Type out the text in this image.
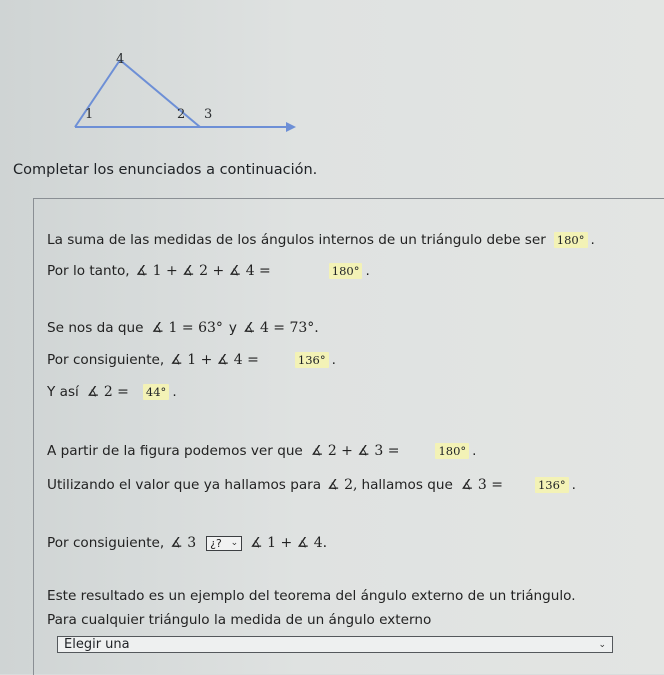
4
1	2 3
Completar los enunciados a continuación.
La suma de las medidas de los ángulos internos de un triángulo debe ser 180° .
Por lo tanto, ∡ 1 + ∡ 2 + ∡ 4 =	180° .
Se nos da que ∡ 1 = 63° y ∡ 4 = 73°.
Por consiguiente, ∡ 1 + ∡ 4 =	136° .
Y así ∡ 2 = 44° .
A partir de la figura podemos ver que ∡ 2 + ∡ 3 =	180° .
Utilizando el valor que ya hallamos para ∡ 2, hallamos que ∡ 3 =	136° .
Por consiguiente, ∡ 3 ¿? ⌄ ∡ 1 + ∡ 4.
Este resultado es un ejemplo del teorema del ángulo externo de un triángulo.
Para cualquier triángulo la medida de un ángulo externo
Elegir una	⌄
